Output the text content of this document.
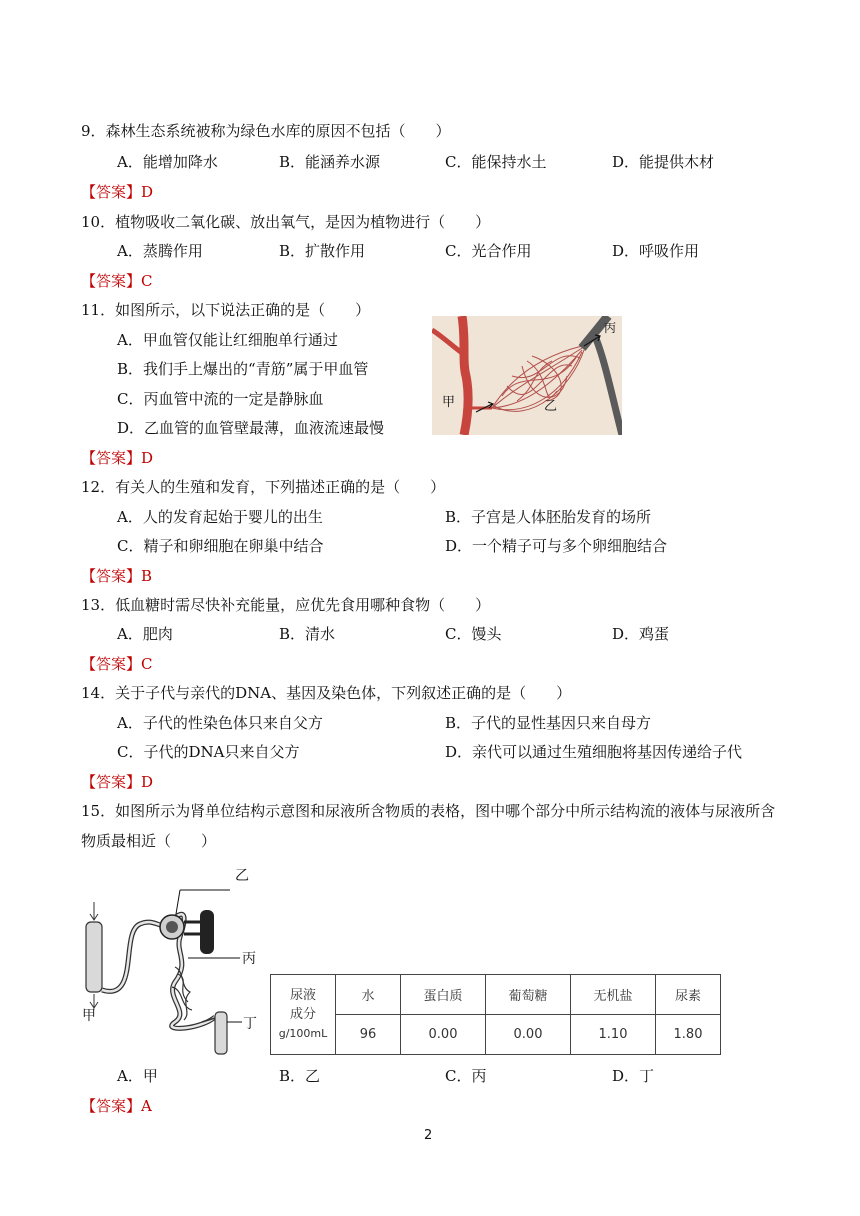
9．森林生态系统被称为绿色水库的原因不包括（　　）
A．能增加降水	B．能涵养水源	C．能保持水土	D．能提供木材
【答案】D
10．植物吸收二氧化碳、放出氧气，是因为植物进行（　　）
A．蒸腾作用	B．扩散作用	C．光合作用	D．呼吸作用
【答案】C
11．如图所示，以下说法正确的是（　　）
A．甲血管仅能让红细胞单行通过
B．我们手上爆出的“青筋”属于甲血管
C．丙血管中流的一定是静脉血
D．乙血管的血管壁最薄，血液流速最慢
【答案】D
甲	乙
丙
12．有关人的生殖和发育，下列描述正确的是（　　）
A．人的发育起始于婴儿的出生	B．子宫是人体胚胎发育的场所
C．精子和卵细胞在卵巢中结合	D．一个精子可与多个卵细胞结合
【答案】B
13．低血糖时需尽快补充能量，应优先食用哪种食物（　　）
A．肥肉	B．清水	C．馒头	D．鸡蛋
【答案】C
14．关于子代与亲代的DNA、基因及染色体，下列叙述正确的是（　　）
A．子代的性染色体只来自父方	B．子代的显性基因只来自母方
C．子代的DNA只来自父方	D．亲代可以通过生殖细胞将基因传递给子代
【答案】D
15．如图所示为肾单位结构示意图和尿液所含物质的表格，图中哪个部分中所示结构流的液体与尿液所含
物质最相近（　　）
乙
丙
甲	丁
尿液
成分
g/100mL	水	蛋白质	葡萄糖	无机盐	尿素
	96	0.00	0.00	1.10	1.80
A．甲	B．乙	C．丙	D．丁
【答案】A
2
